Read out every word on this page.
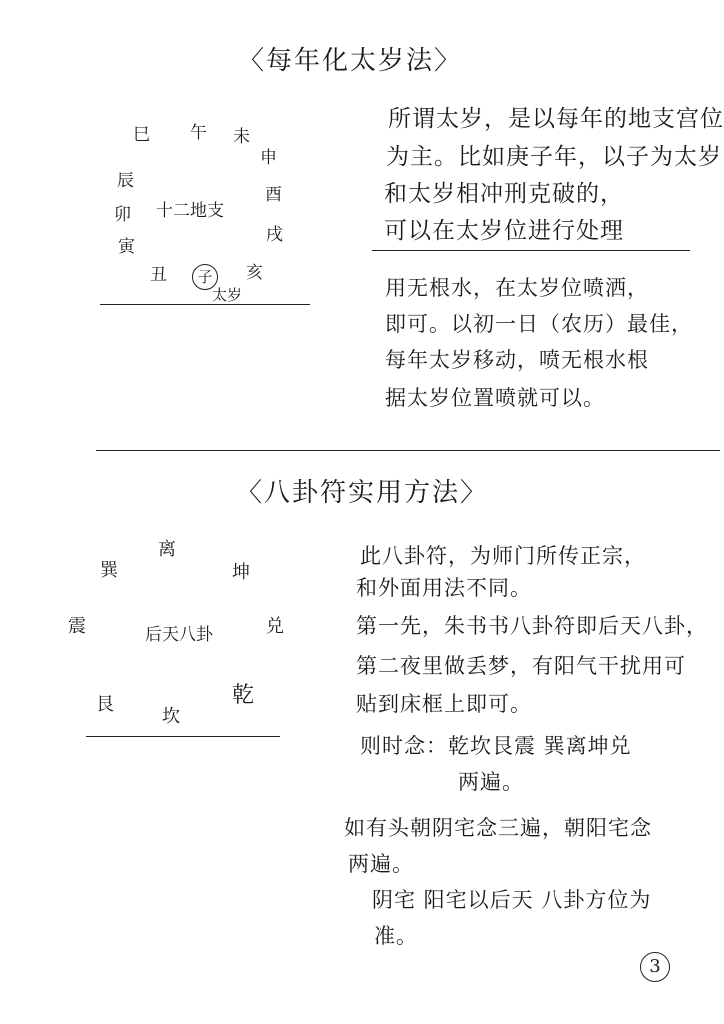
〈每年化太岁法〉
巳 午 未
申
辰
酉
卯 十二地支
戌
寅
丑	子	亥
太岁
所谓太岁，是以每年的地支宫位
为主。比如庚子年，以子为太岁
和太岁相冲刑克破的，
可以在太岁位进行处理
用无根水，在太岁位喷洒，
即可。以初一日（农历）最佳，
每年太岁移动，喷无根水根
据太岁位置喷就可以。
〈八卦符实用方法〉
离
巽	坤
震	后天八卦	兑
艮	乾
坎
此八卦符，为师门所传正宗，
和外面用法不同。
第一先，朱书书八卦符即后天八卦，
第二夜里做丢梦，有阳气干扰用可
贴到床框上即可。
则时念：乾坎艮震 巽离坤兑
两遍。
如有头朝阴宅念三遍，朝阳宅念
两遍。
阴宅 阳宅以后天 八卦方位为
准。
3
